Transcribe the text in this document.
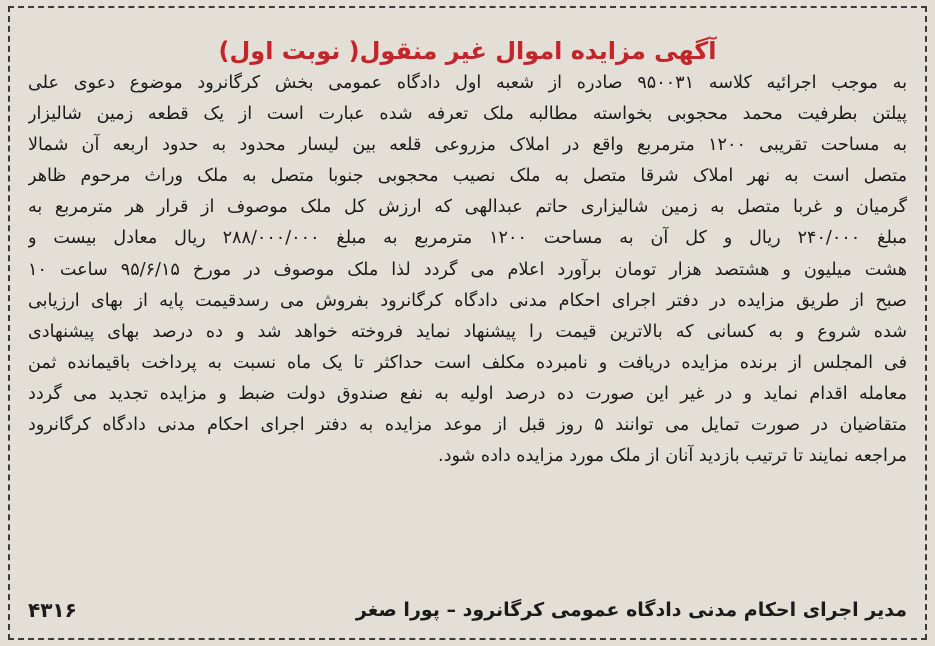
آگهی مزایده اموال غیر منقول( نوبت اول)
به موجب اجرائیه کلاسه ۹۵۰۰۳۱ صادره از شعبه اول دادگاه عمومی بخش کرگانرود موضوع دعوی علی
پیلتن بطرفیت محمد محجوبی بخواسته مطالبه ملک تعرفه شده عبارت است از یک قطعه زمین شالیزار
به مساحت تقریبی ۱۲۰۰ مترمربع واقع در املاک مزروعی قلعه بین لیسار محدود به حدود اربعه آن شمالا
متصل است به نهر املاک شرقا متصل به ملک نصیب محجوبی جنوبا متصل به ملک وراث مرحوم ظاهر
گرمیان و غربا متصل به زمین شالیزاری حاتم عبدالهی که ارزش کل ملک موصوف از قرار هر مترمربع به
مبلغ ۲۴۰/۰۰۰ ریال و کل آن به مساحت ۱۲۰۰ مترمربع به مبلغ ۲۸۸/۰۰۰/۰۰۰ ریال معادل بیست و
هشت میلیون و هشتصد هزار تومان برآورد اعلام می گردد لذا ملک موصوف در مورخ ۹۵/۶/۱۵ ساعت ۱۰
صبح از طریق مزایده در دفتر اجرای احکام مدنی دادگاه کرگانرود بفروش می رسدقیمت پایه از بهای ارزیابی
شده شروع و به کسانی که بالاترین قیمت را پیشنهاد نماید فروخته خواهد شد و ده درصد بهای پیشنهادی
فی المجلس از برنده مزایده دریافت و نامبرده مکلف است حداکثر تا یک ماه نسبت به پرداخت باقیمانده ثمن
معامله اقدام نماید و در غیر این صورت ده درصد اولیه به نفع صندوق دولت ضبط و مزایده تجدید می گردد
متقاضیان در صورت تمایل می توانند ۵ روز قبل از موعد مزایده به دفتر اجرای احکام مدنی دادگاه کرگانرود
مراجعه نمایند تا ترتیب بازدید آنان از ملک مورد مزایده داده شود.
مدیر اجرای احکام مدنی دادگاه عمومی کرگانرود – پورا صغر
۴۳۱۶
